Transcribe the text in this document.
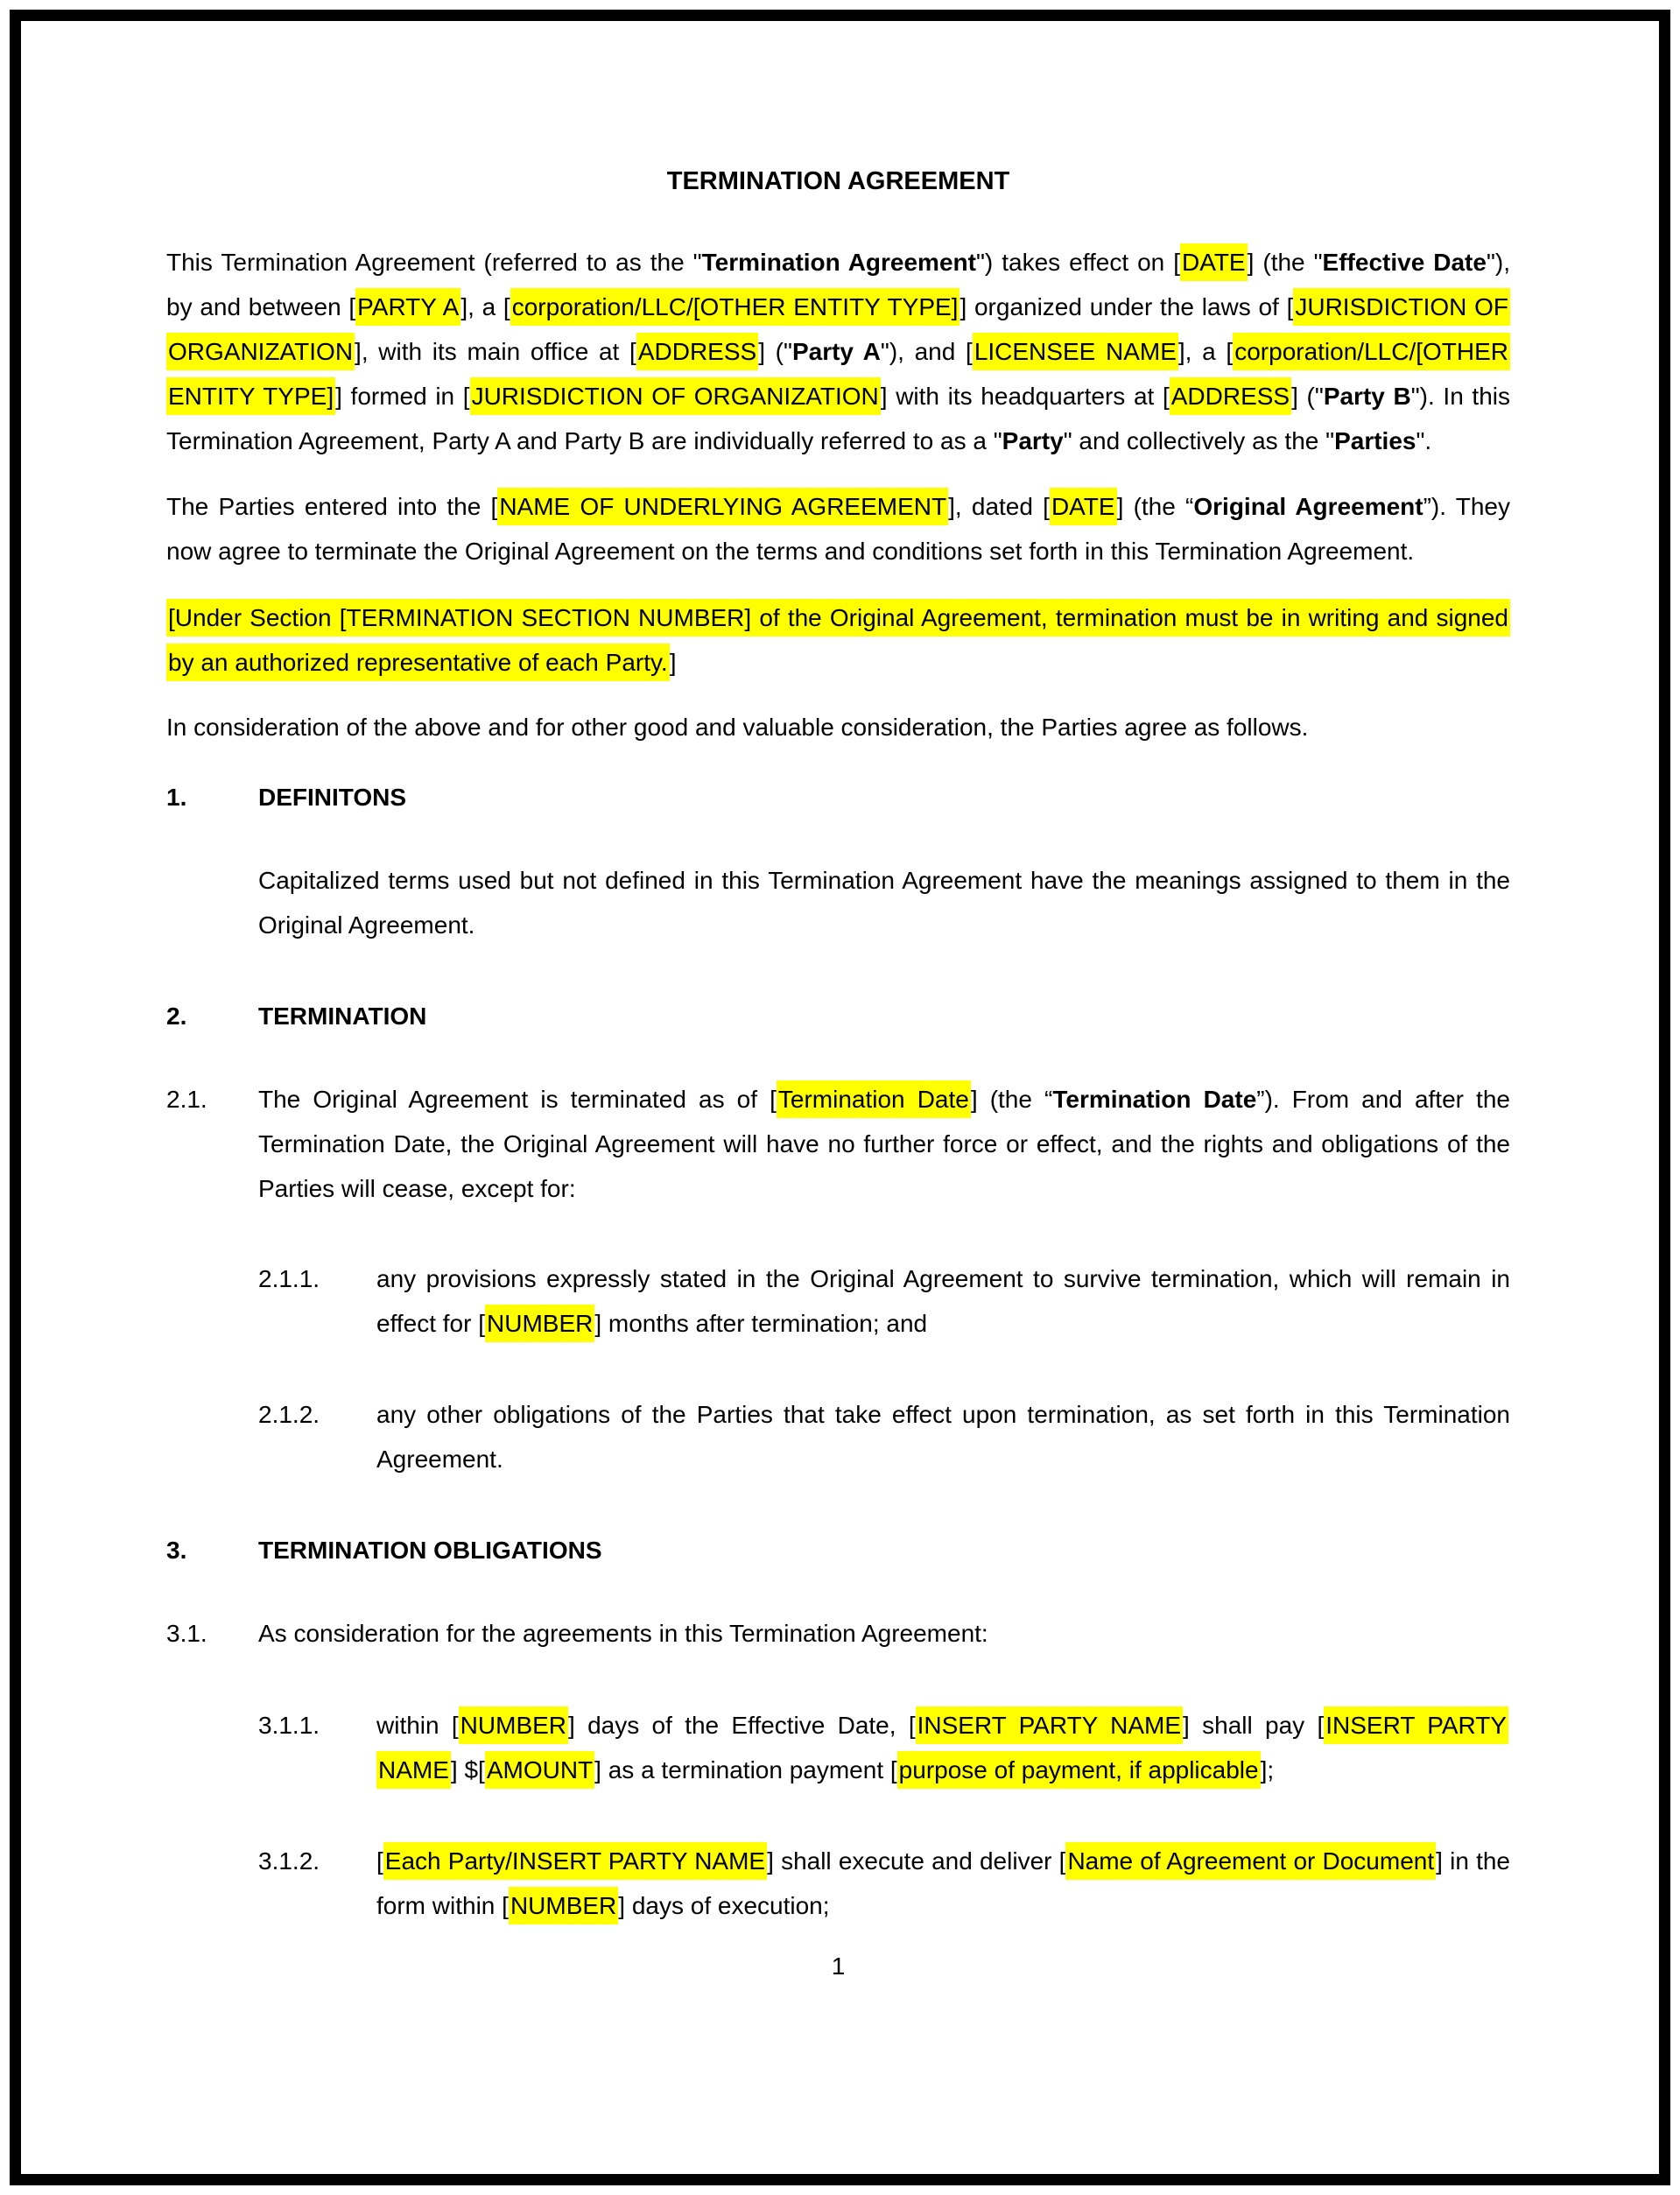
TERMINATION AGREEMENT
This Termination Agreement (referred to as the "Termination Agreement") takes effect on [DATE] (the "Effective Date"), by and between [PARTY A], a [corporation/LLC/[OTHER ENTITY TYPE]] organized under the laws of [JURISDICTION OF ORGANIZATION], with its main office at [ADDRESS] ("Party A"), and [LICENSEE NAME], a [corporation/LLC/[OTHER ENTITY TYPE]] formed in [JURISDICTION OF ORGANIZATION] with its headquarters at [ADDRESS] ("Party B"). In this Termination Agreement, Party A and Party B are individually referred to as a "Party" and collectively as the "Parties".
The Parties entered into the [NAME OF UNDERLYING AGREEMENT], dated [DATE] (the “Original Agreement”). They now agree to terminate the Original Agreement on the terms and conditions set forth in this Termination Agreement.
[Under Section [TERMINATION SECTION NUMBER] of the Original Agreement, termination must be in writing and signed by an authorized representative of each Party.]
In consideration of the above and for other good and valuable consideration, the Parties agree as follows.
1.	DEFINITONS
Capitalized terms used but not defined in this Termination Agreement have the meanings assigned to them in the Original Agreement.
2.	TERMINATION
2.1. The Original Agreement is terminated as of [Termination Date] (the “Termination Date”). From and after the Termination Date, the Original Agreement will have no further force or effect, and the rights and obligations of the Parties will cease, except for:
2.1.1. any provisions expressly stated in the Original Agreement to survive termination, which will remain in effect for [NUMBER] months after termination; and
2.1.2. any other obligations of the Parties that take effect upon termination, as set forth in this Termination Agreement.
3.	TERMINATION OBLIGATIONS
3.1. As consideration for the agreements in this Termination Agreement:
3.1.1. within [NUMBER] days of the Effective Date, [INSERT PARTY NAME] shall pay [INSERT PARTY NAME] $[AMOUNT] as a termination payment [purpose of payment, if applicable];
3.1.2. [Each Party/INSERT PARTY NAME] shall execute and deliver [Name of Agreement or Document] in the form within [NUMBER] days of execution;
1
